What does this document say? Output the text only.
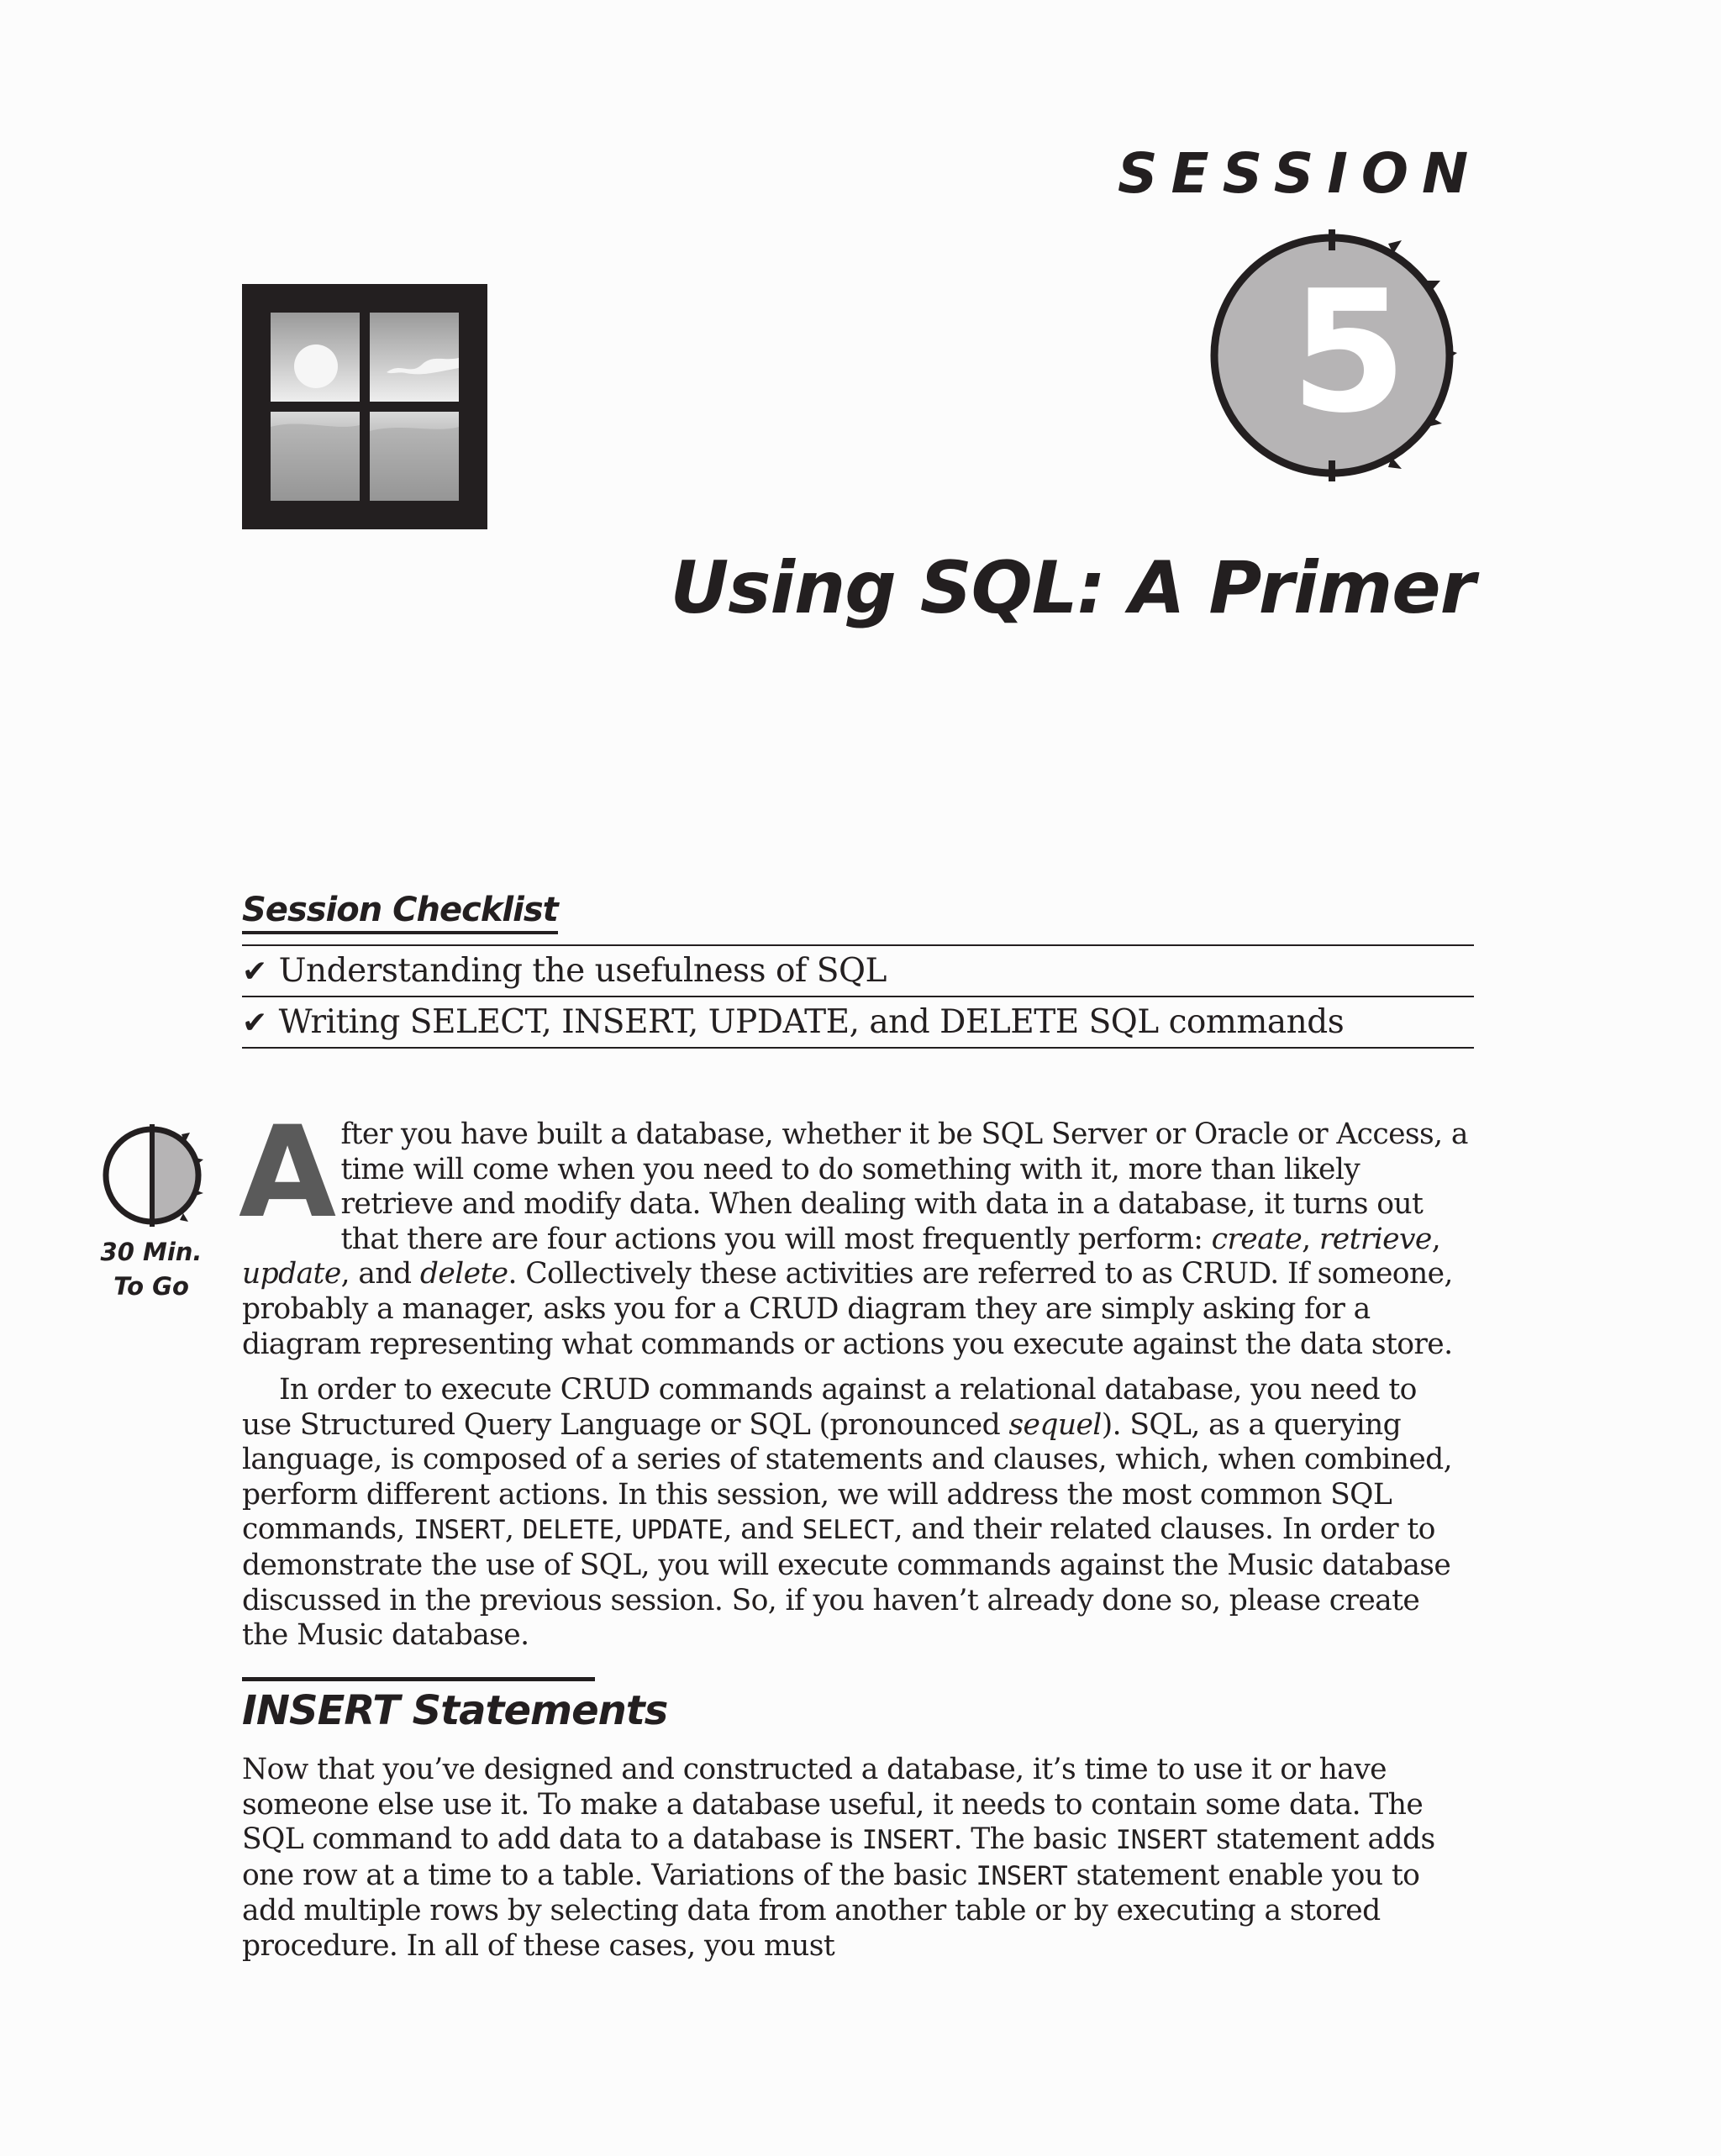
SESSION
5
Using SQL: A Primer
Session Checklist
✔ Understanding the usefulness of SQL
✔ Writing SELECT, INSERT, UPDATE, and DELETE SQL commands
30 Min.
To Go
A fter you have built a database, whether it be SQL Server or Oracle or Access, a time will come when you need to do something with it, more than likely retrieve and modify data. When dealing with data in a database, it turns out that there are four actions you will most frequently perform: create, retrieve, update, and delete. Collectively these activities are referred to as CRUD. If someone, probably a manager, asks you for a CRUD diagram they are simply asking for a diagram representing what commands or actions you execute against the data store.
In order to execute CRUD commands against a relational database, you need to use Structured Query Language or SQL (pronounced sequel). SQL, as a querying language, is composed of a series of statements and clauses, which, when combined, perform different actions. In this session, we will address the most common SQL commands, INSERT, DELETE, UPDATE, and SELECT, and their related clauses. In order to demonstrate the use of SQL, you will execute commands against the Music database discussed in the previous session. So, if you haven’t already done so, please create the Music database.
INSERT Statements
Now that you’ve designed and constructed a database, it’s time to use it or have someone else use it. To make a database useful, it needs to contain some data. The SQL command to add data to a database is INSERT. The basic INSERT statement adds one row at a time to a table. Variations of the basic INSERT statement enable you to add multiple rows by selecting data from another table or by executing a stored procedure. In all of these cases, you must
